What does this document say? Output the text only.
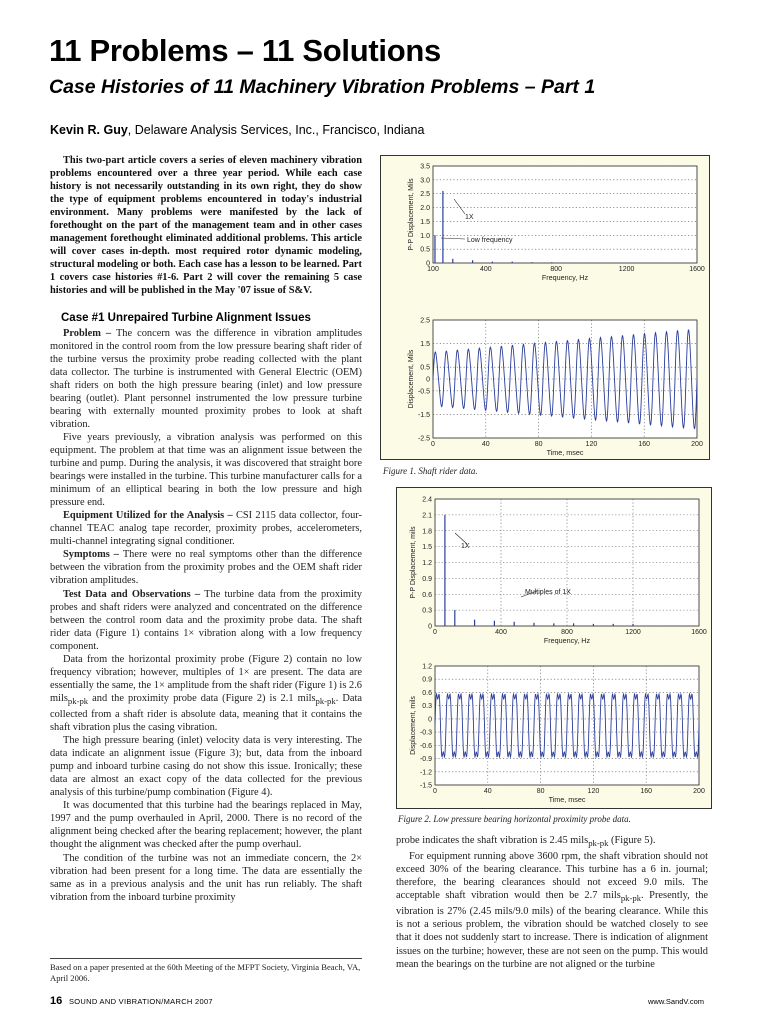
11 Problems – 11 Solutions
Case Histories of 11 Machinery Vibration Problems – Part 1
Kevin R. Guy, Delaware Analysis Services, Inc., Francisco, Indiana

This two-part article covers a series of eleven machinery vibration problems encountered over a three year period. While each case history is not necessarily outstanding in its own right, they do show the type of equipment problems encountered in today's industrial environment. Many problems were manifested by the lack of forethought on the part of the management team and in other cases management forethought eliminated additional problems. This article will cover cases in-depth. most required rotor dynamic modeling, structural modeling or both. Each case has a lesson to be learned. Part 1 covers case histories #1-6. Part 2 will cover the remaining 5 case histories and will be published in the May '07 issue of S&V.

Case #1 Unrepaired Turbine Alignment Issues

Problem – The concern was the difference in vibration amplitudes monitored in the control room from the low pressure bearing shaft rider of the turbine versus the proximity probe reading collected with the plant data collector. The turbine is instrumented with General Electric (OEM) shaft riders on both the high pressure bearing (inlet) and low pressure bearing (outlet). Plant personnel instrumented the low pressure turbine bearing with externally mounted proximity probes to look at shaft vibration.

Five years previously, a vibration analysis was performed on this equipment. The problem at that time was an alignment issue between the turbine and pump. During the analysis, it was discovered that straight bore bearings were installed in the turbine. This turbine manufacturer calls for a minimum of an elliptical bearing in both the low pressure and high pressure end.

Equipment Utilized for the Analysis – CSI 2115 data collector, four-channel TEAC analog tape recorder, proximity probes, accelerometers, multi-channel integrating signal conditioner.

Symptoms – There were no real symptoms other than the difference between the vibration from the proximity probes and the OEM shaft rider vibration amplitudes.

Test Data and Observations – The turbine data from the proximity probes and shaft riders were analyzed and concentrated on the difference between the control room data and the proximity probe data. The shaft rider data (Figure 1) contains 1× vibration along with a low frequency component.

Data from the horizontal proximity probe (Figure 2) contain no low frequency vibration; however, multiples of 1× are present. The data are essentially the same, the 1× amplitude from the shaft rider (Figure 1) is 2.6 mils$_{pk-pk}$ and the proximity probe data (Figure 2) is 2.1 mils$_{pk-pk}$. Data collected from a shaft rider is absolute data, meaning that it contains the shaft vibration plus the casing vibration.

The high pressure bearing (inlet) velocity data is very interesting. The data indicate an alignment issue (Figure 3); but, data from the inboard pump and inboard turbine casing do not show this issue. Ironically; these data are almost an exact copy of the data collected for the previous analysis of this turbine/pump combination (Figure 4).

It was documented that this turbine had the bearings replaced in May, 1997 and the pump overhauled in April, 2000. There is no record of the alignment being checked after the bearing replacement; however, the plant thought the alignment was checked after the pump overhaul.

The condition of the turbine was not an immediate concern, the 2× vibration had been present for a long time. The data are essentially the same as in a previous analysis and the unit has run reliably. The shaft vibration from the inboard turbine proximity

3.5
3.0
2.5
2.0
1.5
1.0
0.5
0
100	400	800	1200	1600
Frequency, Hz
P-P Displacement, Mils	1X
Low frequency
2.5
1.5
0.5
0
-0.5
-1.5
-2.5
0	40	80	120	160	200
Time, msec
Displacement, Mils
Figure 1. Shaft rider data.
2.4
2.1
1.8
1.5
1.2
0.9
0.6
0.3
0
0	400	800	1200	1600
Frequency, Hz
P-P Displacement, mils	1X
Multiples of 1X
1.2
0.9
0.6
0.3
0
-0.3
-0.6
-0.9
-1.2
-1.5
0	40	80	120	160	200
Time, msec
Displacement, mils
Figure 2. Low pressure bearing horizontal proximity probe data.

probe indicates the shaft vibration is 2.45 mils$_{pk-pk}$ (Figure 5).

For equipment running above 3600 rpm, the shaft vibration should not exceed 30% of the bearing clearance. This turbine has a 6 in. journal; therefore, the bearing clearances should not exceed 9.0 mils. The acceptable shaft vibration would then be 2.7 mils$_{pk-pk}$. Presently, the vibration is 27% (2.45 mils/9.0 mils) of the bearing clearance. While this is not a serious problem, the vibration should be watched closely to see that it does not suddenly start to increase. There is indication of alignment issues on the turbine; however, these are not seen on the pump. This would mean the bearings on the turbine are not aligned or the turbine

Based on a paper presented at the 60th Meeting of the MFPT Society, Virginia Beach, VA, April 2006.
16 SOUND AND VIBRATION/MARCH 2007	www.SandV.com
